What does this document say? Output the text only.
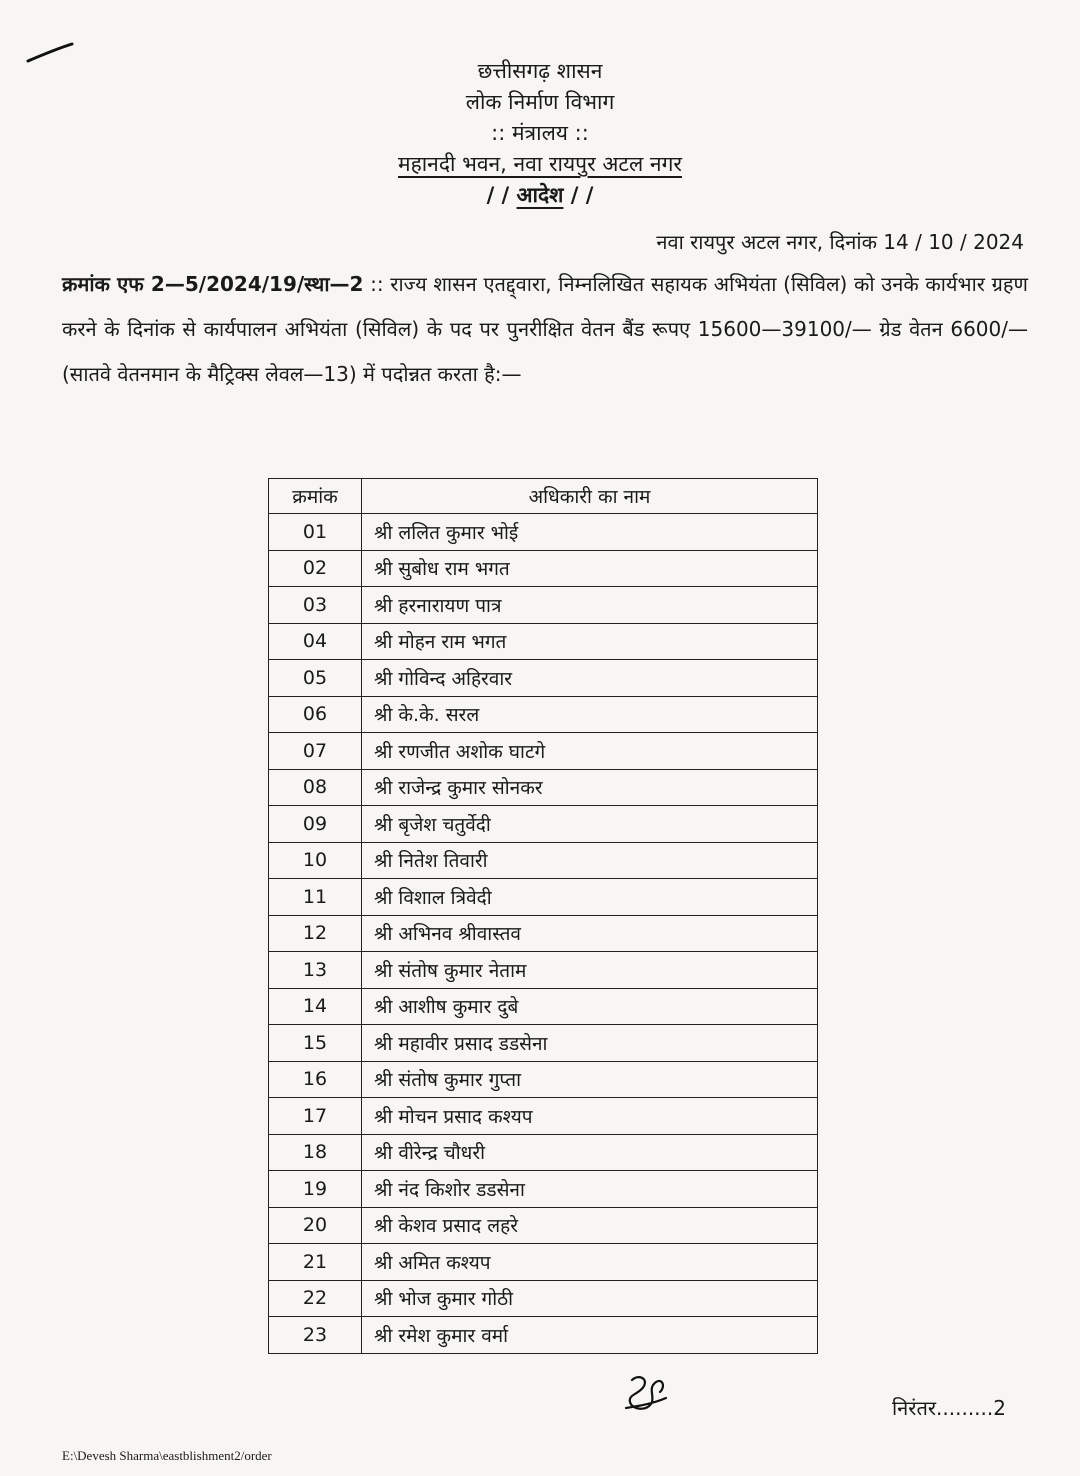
छत्तीसगढ़ शासन
लोक निर्माण विभाग
:: मंत्रालय ::
महानदी भवन, नवा रायपुर अटल नगर
/ / आदेश / /
नवा रायपुर अटल नगर, दिनांक 14 / 10 / 2024
क्रमांक एफ 2—5/2024/19/स्था—2 :: राज्य शासन एतद्द्वारा, निम्नलिखित सहायक अभियंता (सिविल) को उनके कार्यभार ग्रहण करने के दिनांक से कार्यपालन अभियंता (सिविल) के पद पर पुनरीक्षित वेतन बैंड रूपए 15600—39100/— ग्रेड वेतन 6600/—(सातवे वेतनमान के मैट्रिक्स लेवल—13) में पदोन्नत करता है:—
क्रमांक	अधिकारी का नाम
01	श्री ललित कुमार भोई
02	श्री सुबोध राम भगत
03	श्री हरनारायण पात्र
04	श्री मोहन राम भगत
05	श्री गोविन्द अहिरवार
06	श्री के.के. सरल
07	श्री रणजीत अशोक घाटगे
08	श्री राजेन्द्र कुमार सोनकर
09	श्री बृजेश चतुर्वेदी
10	श्री नितेश तिवारी
11	श्री विशाल त्रिवेदी
12	श्री अभिनव श्रीवास्तव
13	श्री संतोष कुमार नेताम
14	श्री आशीष कुमार दुबे
15	श्री महावीर प्रसाद डडसेना
16	श्री संतोष कुमार गुप्ता
17	श्री मोचन प्रसाद कश्यप
18	श्री वीरेन्द्र चौधरी
19	श्री नंद किशोर डडसेना
20	श्री केशव प्रसाद लहरे
21	श्री अमित कश्यप
22	श्री भोज कुमार गोठी
23	श्री रमेश कुमार वर्मा
निरंतर.........2
E:\Devesh Sharma\eastblishment2/order
